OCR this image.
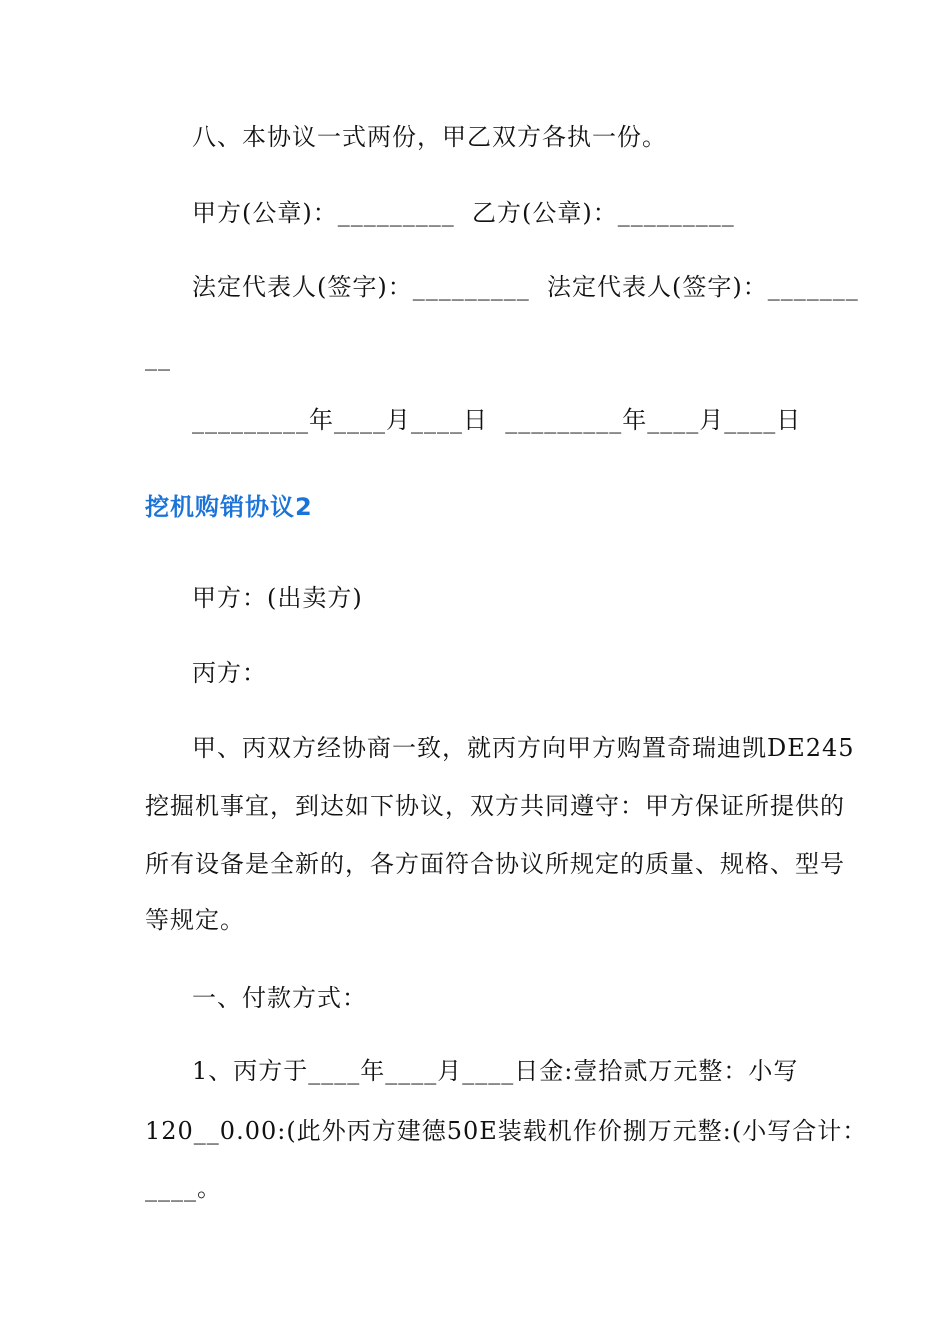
八、本协议一式两份，甲乙双方各执一份。
甲方(公章)：_________  乙方(公章)：_________
法定代表人(签字)：_________  法定代表人(签字)：_______
__
_________年____月____日  _________年____月____日
挖机购销协议2
甲方：(出卖方)
丙方：
甲、丙双方经协商一致，就丙方向甲方购置奇瑞迪凯DE245
挖掘机事宜，到达如下协议，双方共同遵守：甲方保证所提供的
所有设备是全新的，各方面符合协议所规定的质量、规格、型号
等规定。
一、付款方式：
1、丙方于____年____月____日金:壹拾贰万元整：小写
120__0.00:(此外丙方建德50E装载机作价捌万元整:(小写合计：
____。
